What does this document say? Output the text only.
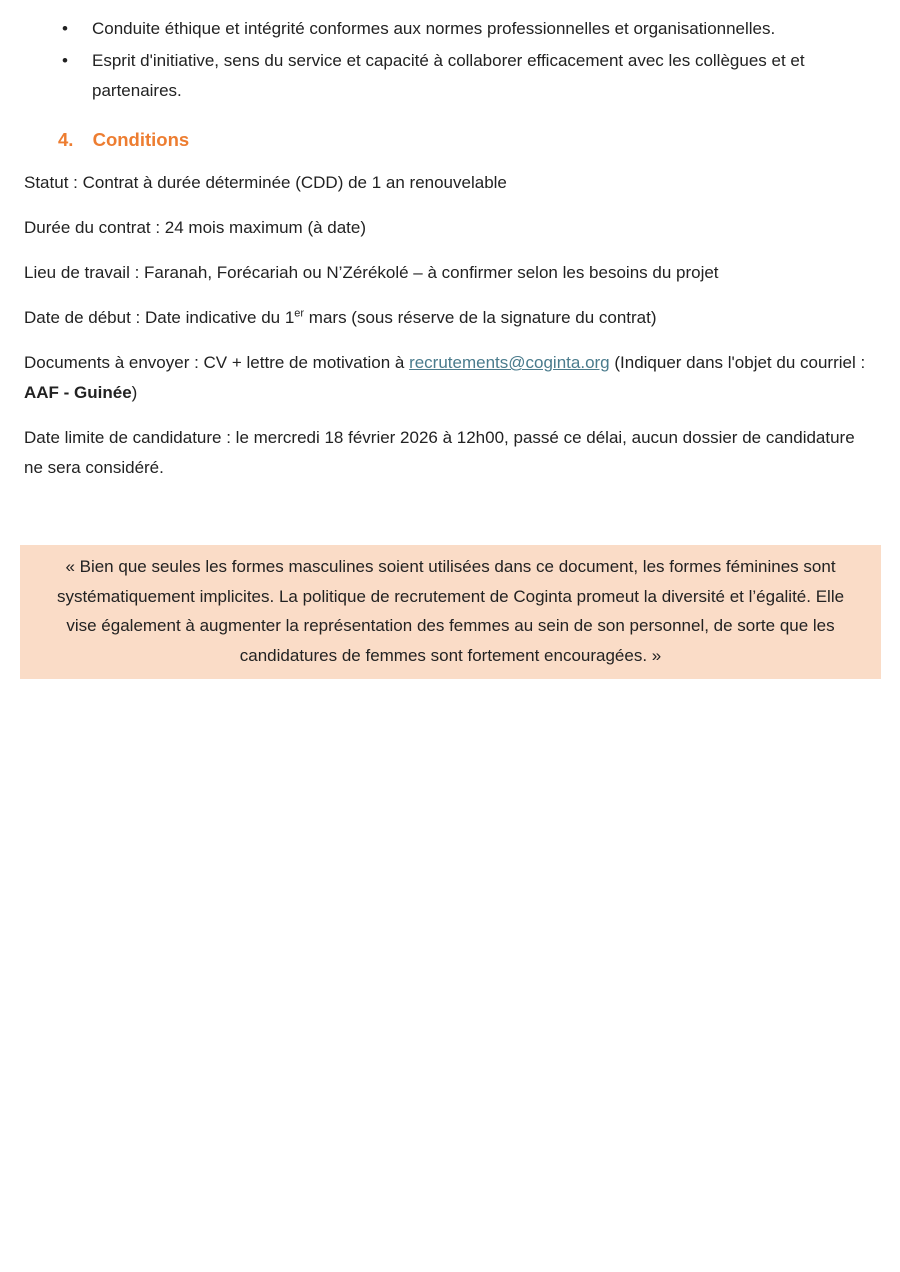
• Conduite éthique et intégrité conformes aux normes professionnelles et organisationnelles.
• Esprit d'initiative, sens du service et capacité à collaborer efficacement avec les collègues et et partenaires.
4. Conditions

Statut : Contrat à durée déterminée (CDD) de 1 an renouvelable

Durée du contrat : 24 mois maximum (à date)

Lieu de travail : Faranah, Forécariah ou N’Zérékolé – à confirmer selon les besoins du projet

Date de début : Date indicative du 1er mars (sous réserve de la signature du contrat)

Documents à envoyer : CV + lettre de motivation à recrutements@coginta.org (Indiquer dans l'objet du courriel : AAF - Guinée)

Date limite de candidature : le mercredi 18 février 2026 à 12h00, passé ce délai, aucun dossier de candidature ne sera considéré.

« Bien que seules les formes masculines soient utilisées dans ce document, les formes féminines sont systématiquement implicites. La politique de recrutement de Coginta promeut la diversité et l’égalité. Elle vise également à augmenter la représentation des femmes au sein de son personnel, de sorte que les candidatures de femmes sont fortement encouragées. »
